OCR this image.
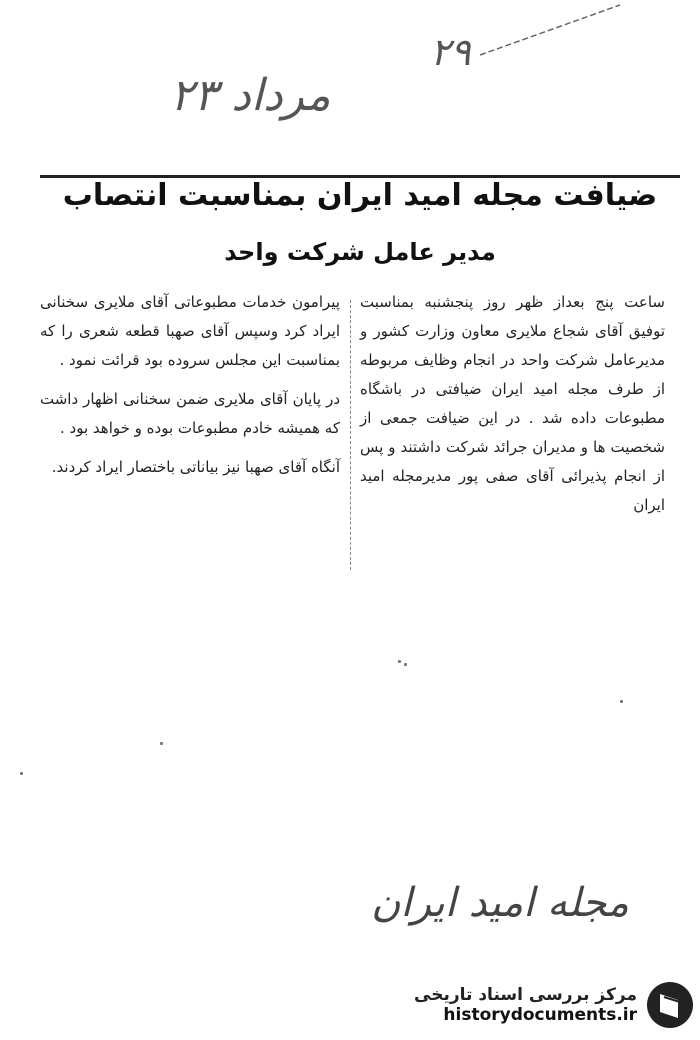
۲۳ مرداد
۲۹
ضیافت مجله امید ایران بمناسبت انتصاب
مدیر عامل شرکت واحد

ساعت پنج بعداز ظهر روز پنجشنبه بمناسبت توفیق آقای شجاع ملایری معاون وزارت کشور و مدیرعامل شرکت واحد در انجام وظایف مربوطه از طرف مجله امید ایران ضیافتی در باشگاه مطبوعات داده شد . در این ضیافت جمعی از شخصیت ها و مدیران جرائد شرکت داشتند و پس از انجام پذیرائی آقای صفی پور مدیرمجله امید ایران

پیرامون خدمات مطبوعاتی آقای ملایری سخنانی ایراد کرد وسپس آقای صهبا قطعه شعری را که بمناسبت این مجلس سروده بود قرائت نمود .

در پایان آقای ملایری ضمن سخنانی اظهار داشت که همیشه خادم مطبوعات بوده و خواهد بود .

آنگاه آقای صهبا نیز بیاناتی باختصار ایراد کردند.

مجله امید ایران
مرکز بررسی اسناد تاریخی
historydocuments.ir
